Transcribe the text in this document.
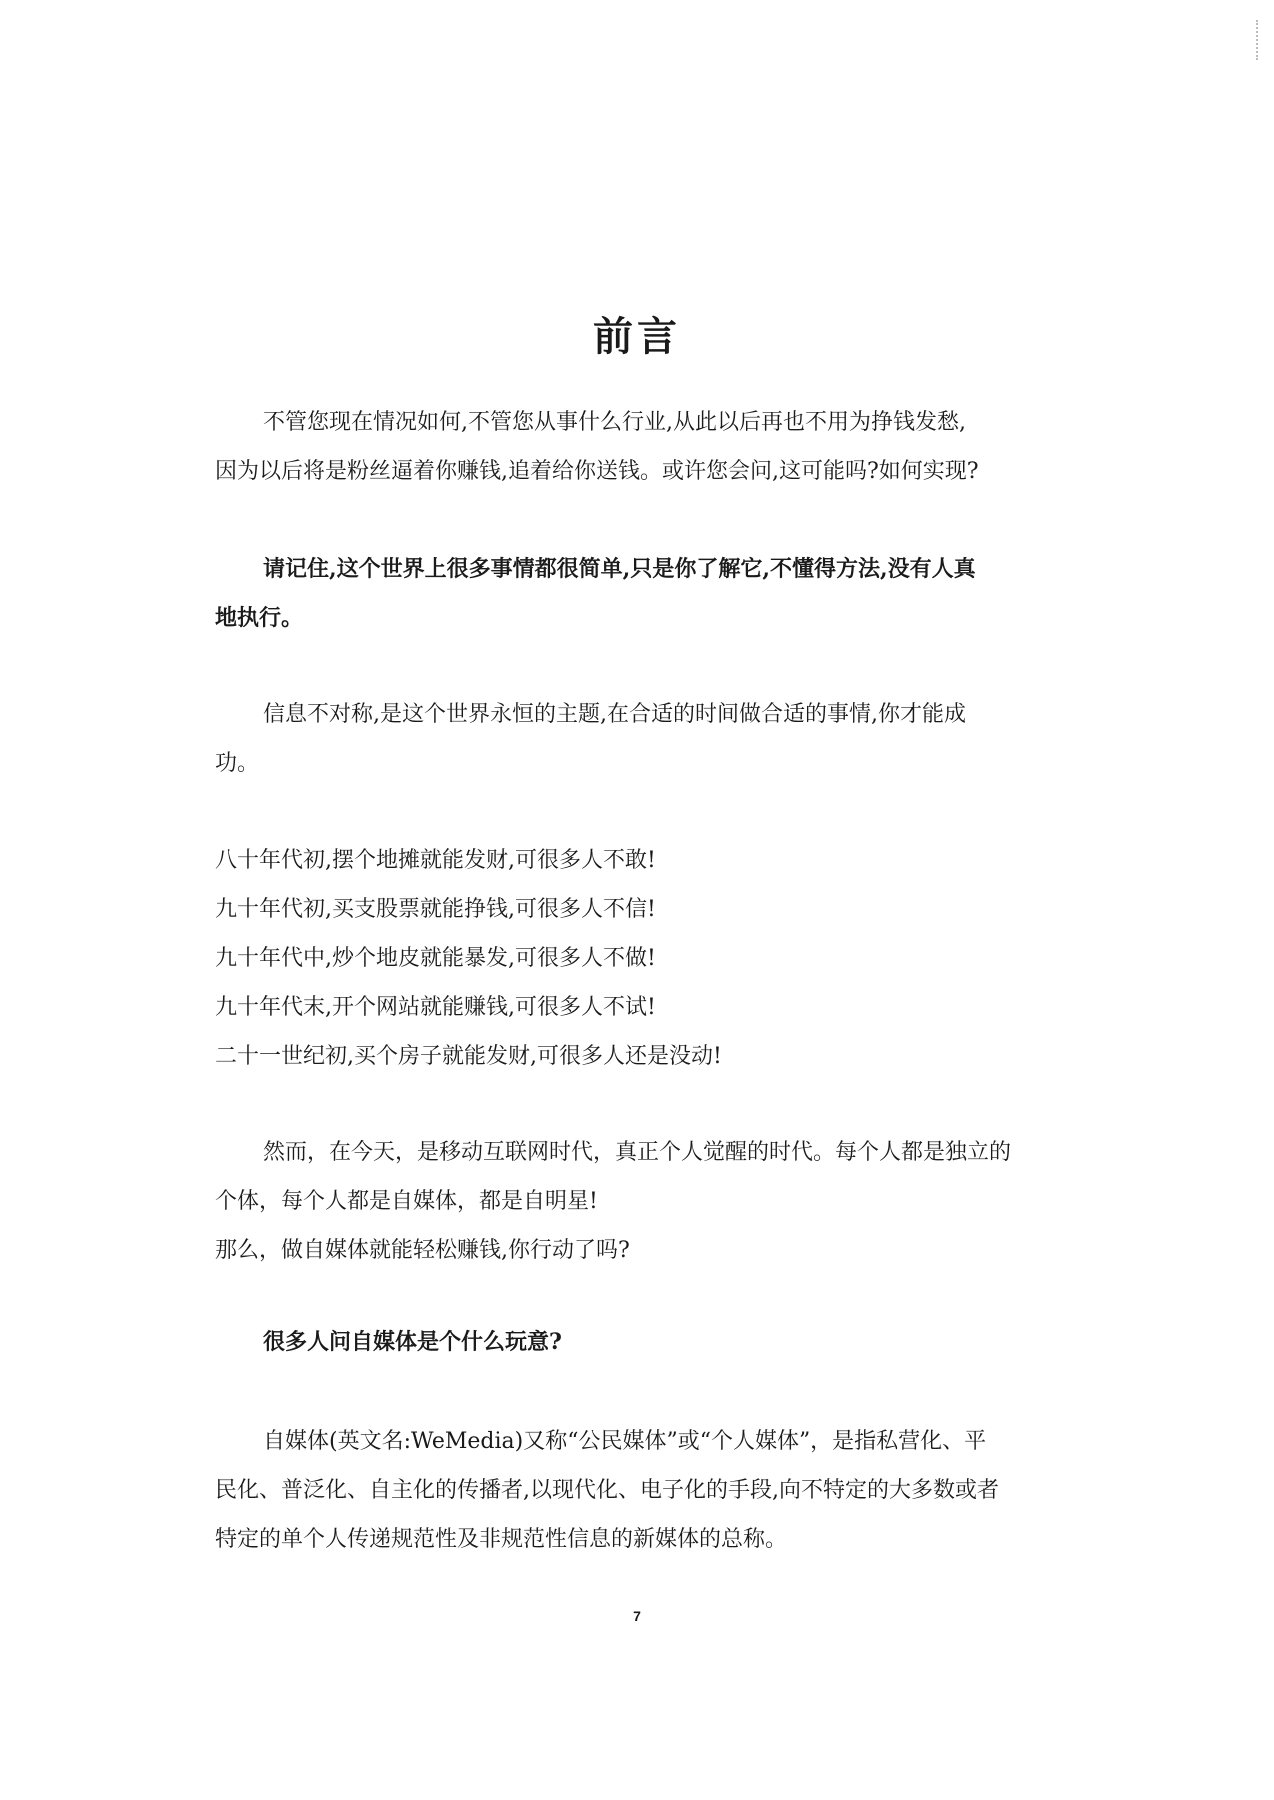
前言

不管您现在情况如何,不管您从事什么行业,从此以后再也不用为挣钱发愁,
因为以后将是粉丝逼着你赚钱,追着给你送钱。或许您会问,这可能吗?如何实现?

请记住,这个世界上很多事情都很简单,只是你了解它,不懂得方法,没有人真
地执行。

信息不对称,是这个世界永恒的主题,在合适的时间做合适的事情,你才能成
功。

八十年代初,摆个地摊就能发财,可很多人不敢!
九十年代初,买支股票就能挣钱,可很多人不信!
九十年代中,炒个地皮就能暴发,可很多人不做!
九十年代末,开个网站就能赚钱,可很多人不试!
二十一世纪初,买个房子就能发财,可很多人还是没动!

然而，在今天，是移动互联网时代，真正个人觉醒的时代。每个人都是独立的
个体，每个人都是自媒体，都是自明星!
那么，做自媒体就能轻松赚钱,你行动了吗?

很多人问自媒体是个什么玩意?

自媒体(英文名:WeMedia)又称“公民媒体”或“个人媒体”，是指私营化、平
民化、普泛化、自主化的传播者,以现代化、电子化的手段,向不特定的大多数或者
特定的单个人传递规范性及非规范性信息的新媒体的总称。

7
